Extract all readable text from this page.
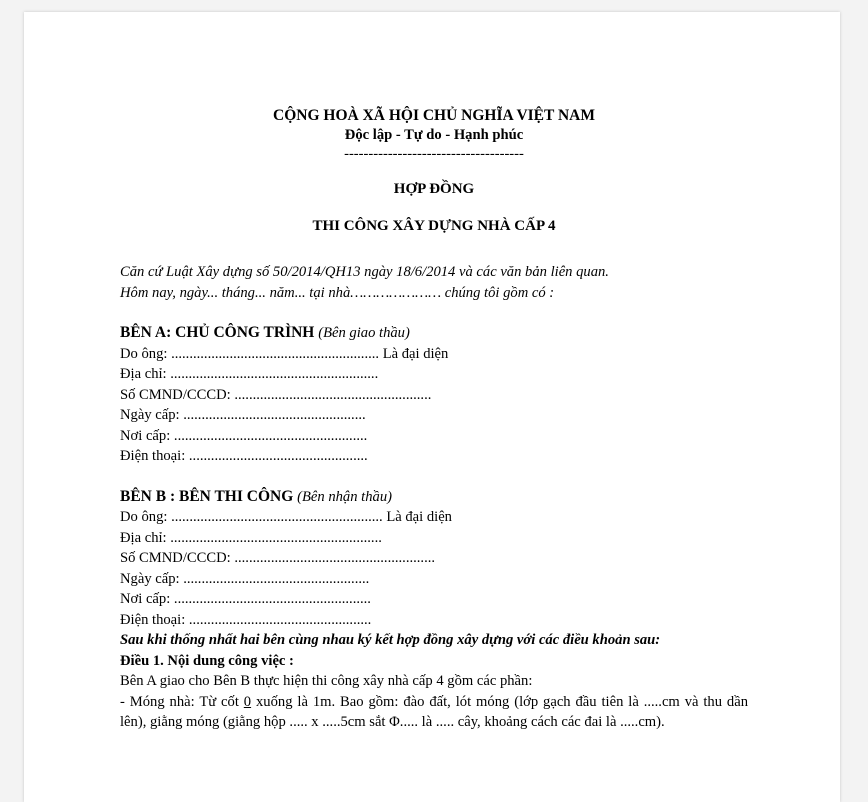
CỘNG HOÀ XÃ HỘI CHỦ NGHĨA VIỆT NAM
Độc lập - Tự do - Hạnh phúc
-------------------------------------
HỢP ĐỒNG
THI CÔNG XÂY DỰNG NHÀ CẤP 4

Căn cứ Luật Xây dựng số 50/2014/QH13 ngày 18/6/2014 và các văn bản liên quan.

Hôm nay, ngày... tháng... năm... tại nhà………………… chúng tôi gồm có :

BÊN A: CHỦ CÔNG TRÌNH (Bên giao thầu)

Do ông: ......................................................... Là đại diện

Địa chỉ: .........................................................

Số CMND/CCCD: ......................................................

Ngày cấp: ..................................................

Nơi cấp: .....................................................

Điện thoại: .................................................

BÊN B : BÊN THI CÔNG (Bên nhận thầu)

Do ông: .......................................................... Là đại diện

Địa chỉ: ..........................................................

Số CMND/CCCD: .......................................................

Ngày cấp: ...................................................

Nơi cấp: ......................................................

Điện thoại: ..................................................

Sau khi thống nhất hai bên cùng nhau ký kết hợp đồng xây dựng với các điều khoản sau:

Điều 1. Nội dung công việc :

Bên A giao cho Bên B thực hiện thi công xây nhà cấp 4 gồm các phần:

- Móng nhà: Từ cốt 0 xuống là 1m. Bao gồm: đào đất, lót móng (lớp gạch đầu tiên là .....cm và thu dần lên), giằng móng (giằng hộp ..... x .....5cm sắt Φ..... là ..... cây, khoảng cách các đai là .....cm).
